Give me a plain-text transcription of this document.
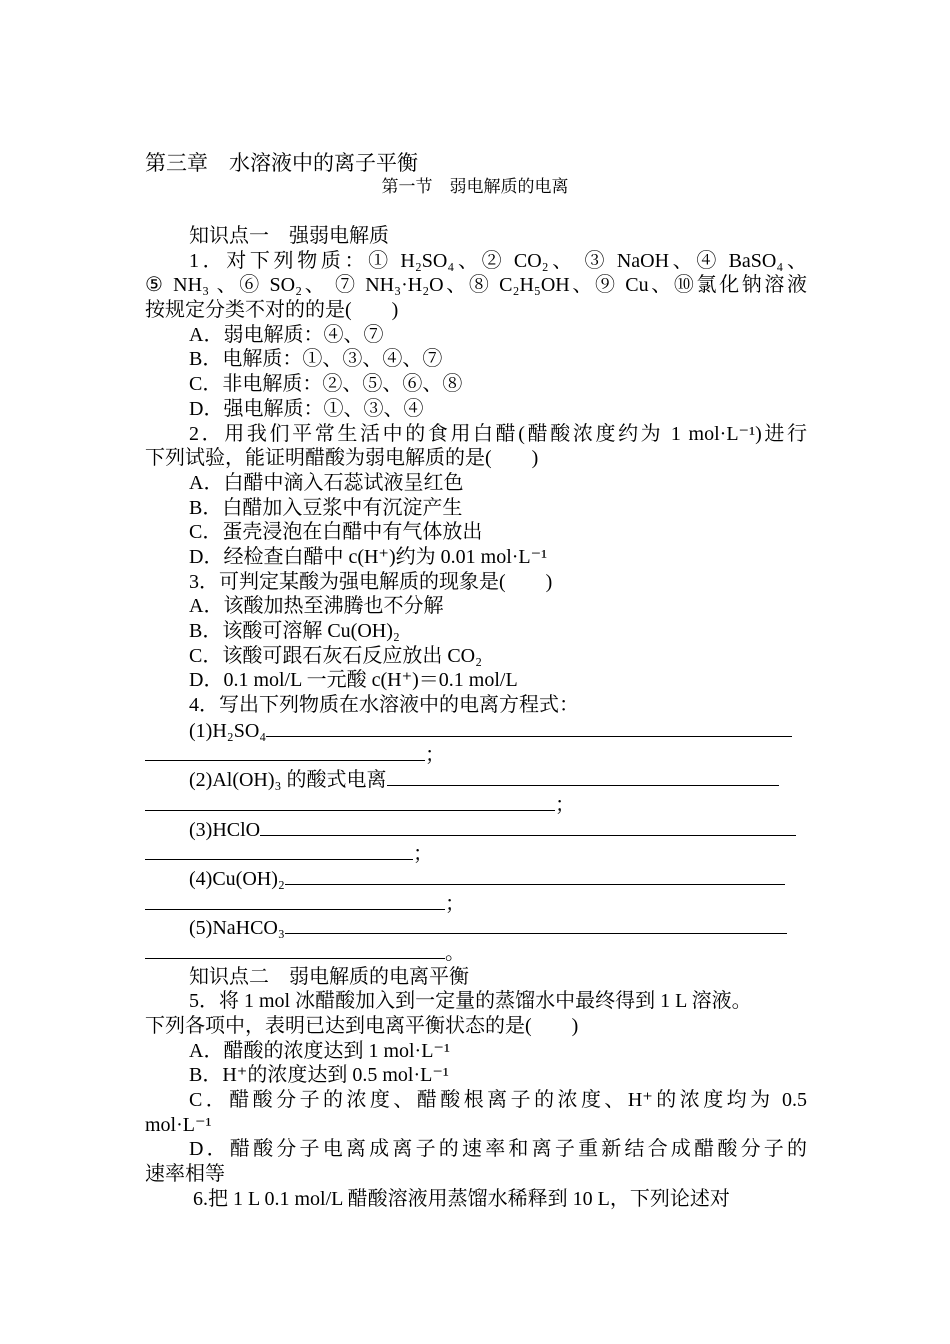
第三章　水溶液中的离子平衡
第一节　弱电解质的电离
知识点一　强弱电解质
1．对下列物质：① H₂SO₄、② CO₂、 ③ NaOH、④ BaSO₄、
⑤ NH₃ 、⑥ SO₂、 ⑦ NH₃·H₂O、⑧ C₂H₅OH、⑨ Cu、⑩氯化钠溶液
按规定分类不对的的是(　　)
A．弱电解质：④、⑦
B．电解质：①、③、④、⑦
C．非电解质：②、⑤、⑥、⑧
D．强电解质：①、③、④
2．用我们平常生活中的食用白醋(醋酸浓度约为 1 mol·L⁻¹)进行
下列试验，能证明醋酸为弱电解质的是(　　)
A．白醋中滴入石蕊试液呈红色
B．白醋加入豆浆中有沉淀产生
C．蛋壳浸泡在白醋中有气体放出
D．经检查白醋中 c(H⁺)约为 0.01 mol·L⁻¹
3．可判定某酸为强电解质的现象是(　　)
A．该酸加热至沸腾也不分解
B．该酸可溶解 Cu(OH)₂
C．该酸可跟石灰石反应放出 CO₂
D．0.1 mol/L 一元酸 c(H⁺)＝0.1 mol/L
4．写出下列物质在水溶液中的电离方程式：
(1)H₂SO₄
；
(2)Al(OH)₃ 的酸式电离
；
(3)HClO
；
(4)Cu(OH)₂
；
(5)NaHCO₃
。
知识点二　弱电解质的电离平衡
5．将 1 mol 冰醋酸加入到一定量的蒸馏水中最终得到 1 L 溶液。
下列各项中，表明已达到电离平衡状态的是(　　)
A．醋酸的浓度达到 1 mol·L⁻¹
B．H⁺的浓度达到 0.5 mol·L⁻¹
C．醋酸分子的浓度、醋酸根离子的浓度、H⁺的浓度均为 0.5
mol·L⁻¹
D．醋酸分子电离成离子的速率和离子重新结合成醋酸分子的
速率相等
6.把 1 L 0.1 mol/L 醋酸溶液用蒸馏水稀释到 10 L，下列论述对
